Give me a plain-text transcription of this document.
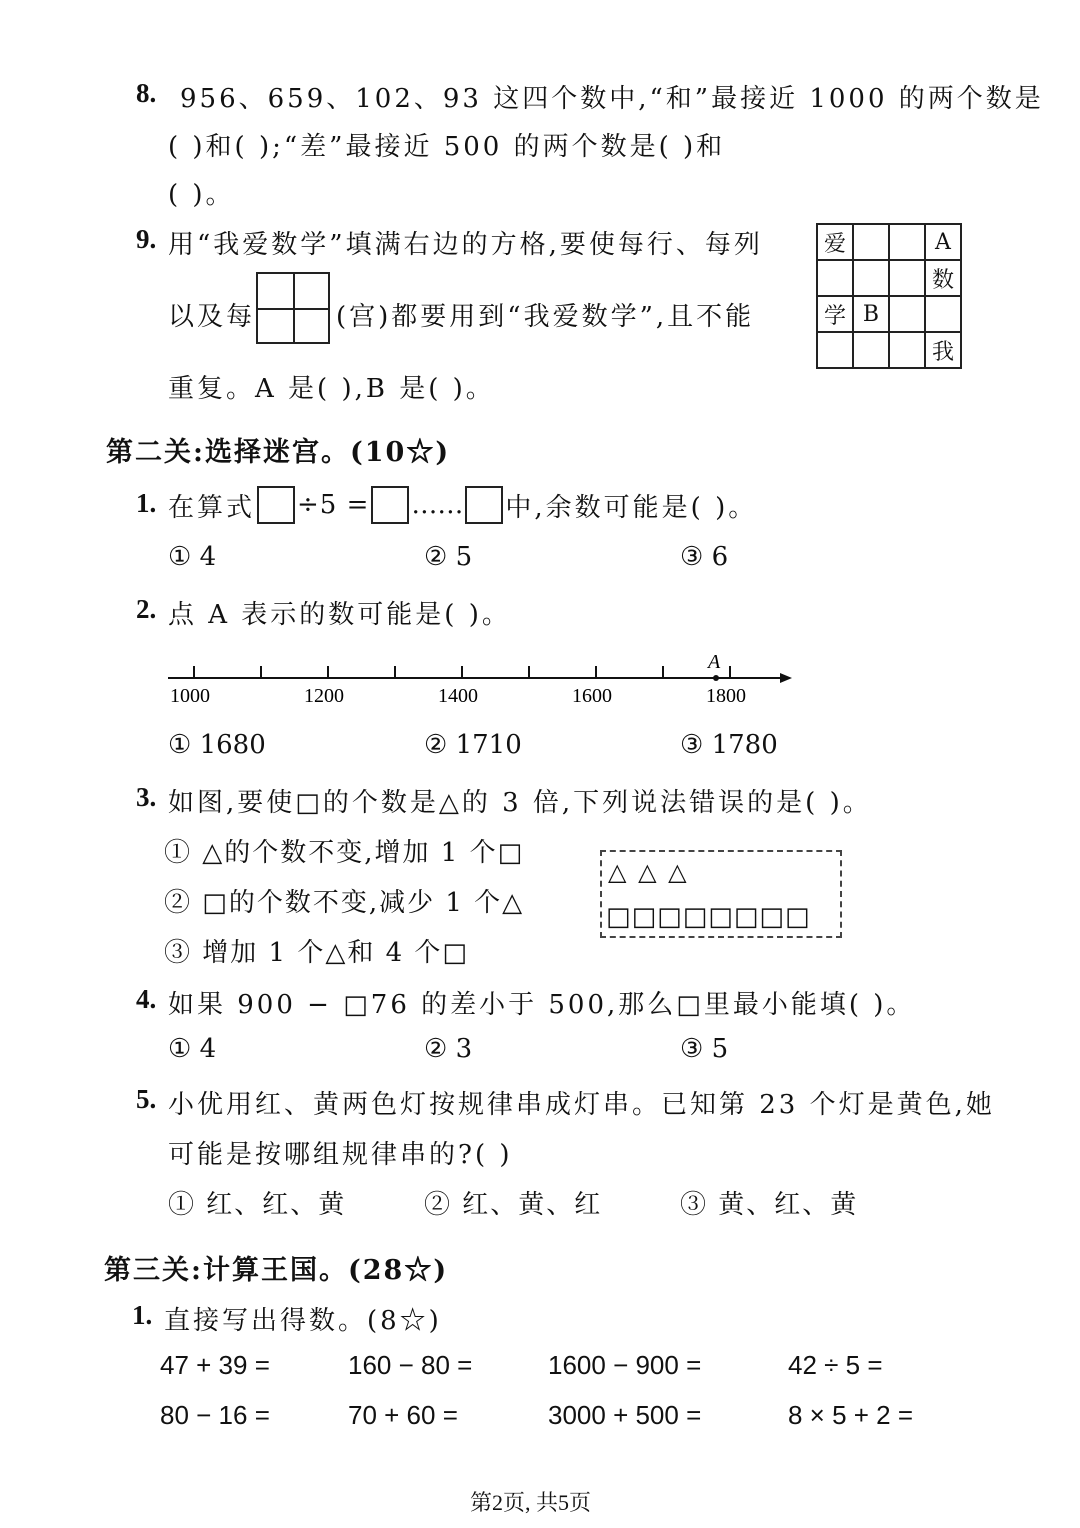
8. 956、659、102、93 这四个数中,“和”最接近 1000 的两个数是
( )和( );“差”最接近 500 的两个数是( )和
( )。
9. 用“我爱数学”填满右边的方格,要使每行、每列
以及每	(宫)都要用到“我爱数学”,且不能
重复。A 是( ),B 是( )。
爱			A
			数
学	B		
			我
第二关:选择迷宫。(10☆)
1. 在算式 ÷5 = …… 中,余数可能是( )。
① 4	② 5	③ 6
2. 点 A 表示的数可能是( )。
A
1000	1200	1400	1600	1800
① 1680	② 1710	③ 1780
3. 如图,要使□的个数是△的 3 倍,下列说法错误的是( )。
① △的个数不变,增加 1 个□
② □的个数不变,减少 1 个△
③ 增加 1 个△和 4 个□
△ △ △
□□□□□□□□
4. 如果 900 − □76 的差小于 500,那么□里最小能填( )。
① 4	② 3	③ 5
5. 小优用红、黄两色灯按规律串成灯串。已知第 23 个灯是黄色,她
可能是按哪组规律串的?( )
① 红、红、黄	② 红、黄、红	③ 黄、红、黄
第三关:计算王国。(28☆)
1. 直接写出得数。(8☆)
47 + 39 =	160 − 80 =	1600 − 900 =	42 ÷ 5 =
80 − 16 =	70 + 60 =	3000 + 500 =	8 × 5 + 2 =
第2页, 共5页
